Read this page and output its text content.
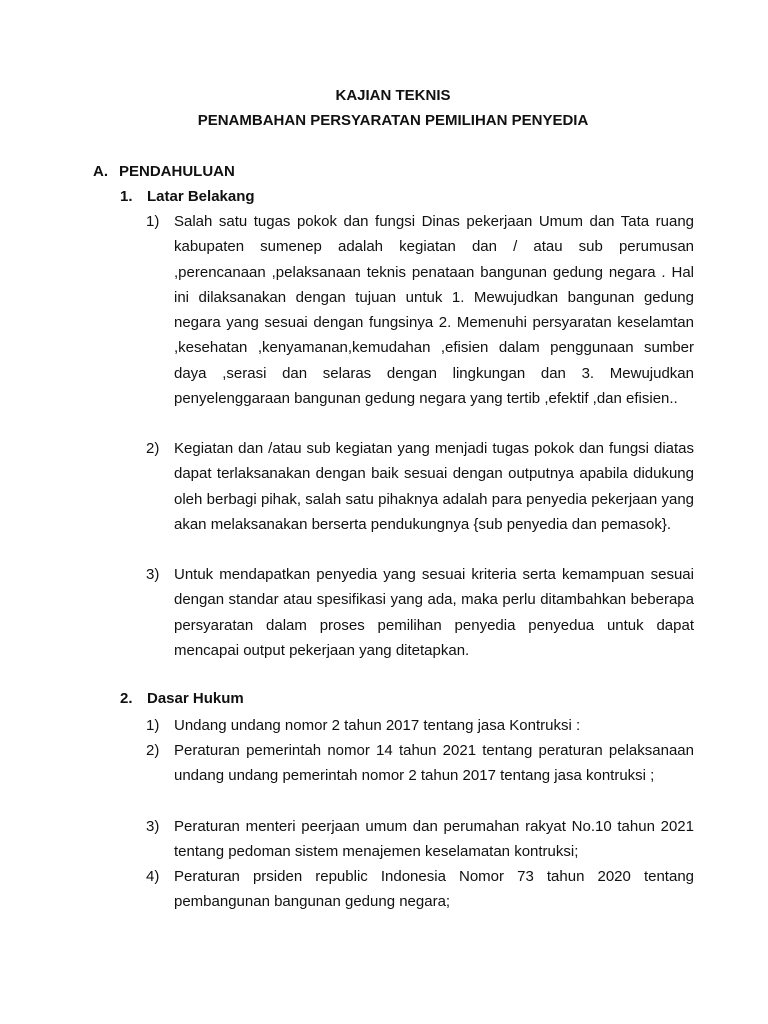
KAJIAN TEKNIS
PENAMBAHAN PERSYARATAN PEMILIHAN PENYEDIA
A. PENDAHULUAN
1. Latar Belakang
1) Salah satu tugas pokok dan fungsi Dinas pekerjaan Umum dan Tata ruang kabupaten sumenep adalah kegiatan dan / atau sub perumusan ,perencanaan ,pelaksanaan teknis penataan bangunan gedung negara . Hal ini dilaksanakan dengan tujuan untuk 1. Mewujudkan bangunan gedung negara yang sesuai dengan fungsinya 2. Memenuhi persyaratan keselamtan ,kesehatan ,kenyamanan,kemudahan ,efisien dalam penggunaan sumber daya ,serasi dan selaras dengan lingkungan dan 3. Mewujudkan penyelenggaraan bangunan gedung negara yang tertib ,efektif ,dan efisien..
2) Kegiatan dan /atau sub kegiatan yang menjadi tugas pokok dan fungsi diatas dapat terlaksanakan dengan baik sesuai dengan outputnya apabila didukung oleh berbagi pihak, salah satu pihaknya adalah para penyedia pekerjaan yang akan melaksanakan berserta pendukungnya {sub penyedia dan pemasok}.
3) Untuk mendapatkan penyedia yang sesuai kriteria serta kemampuan sesuai dengan standar atau spesifikasi yang ada, maka perlu ditambahkan beberapa persyaratan dalam proses pemilihan penyedia penyedua untuk dapat mencapai output pekerjaan yang ditetapkan.
2. Dasar Hukum
1) Undang undang nomor 2 tahun 2017 tentang jasa Kontruksi :
2) Peraturan pemerintah nomor 14 tahun 2021 tentang peraturan pelaksanaan undang undang pemerintah nomor 2 tahun 2017 tentang jasa kontruksi ;
3) Peraturan menteri peerjaan umum dan perumahan rakyat No.10 tahun 2021 tentang pedoman sistem menajemen keselamatan kontruksi;
4) Peraturan prsiden republic Indonesia Nomor 73 tahun 2020 tentang pembangunan bangunan gedung negara;
